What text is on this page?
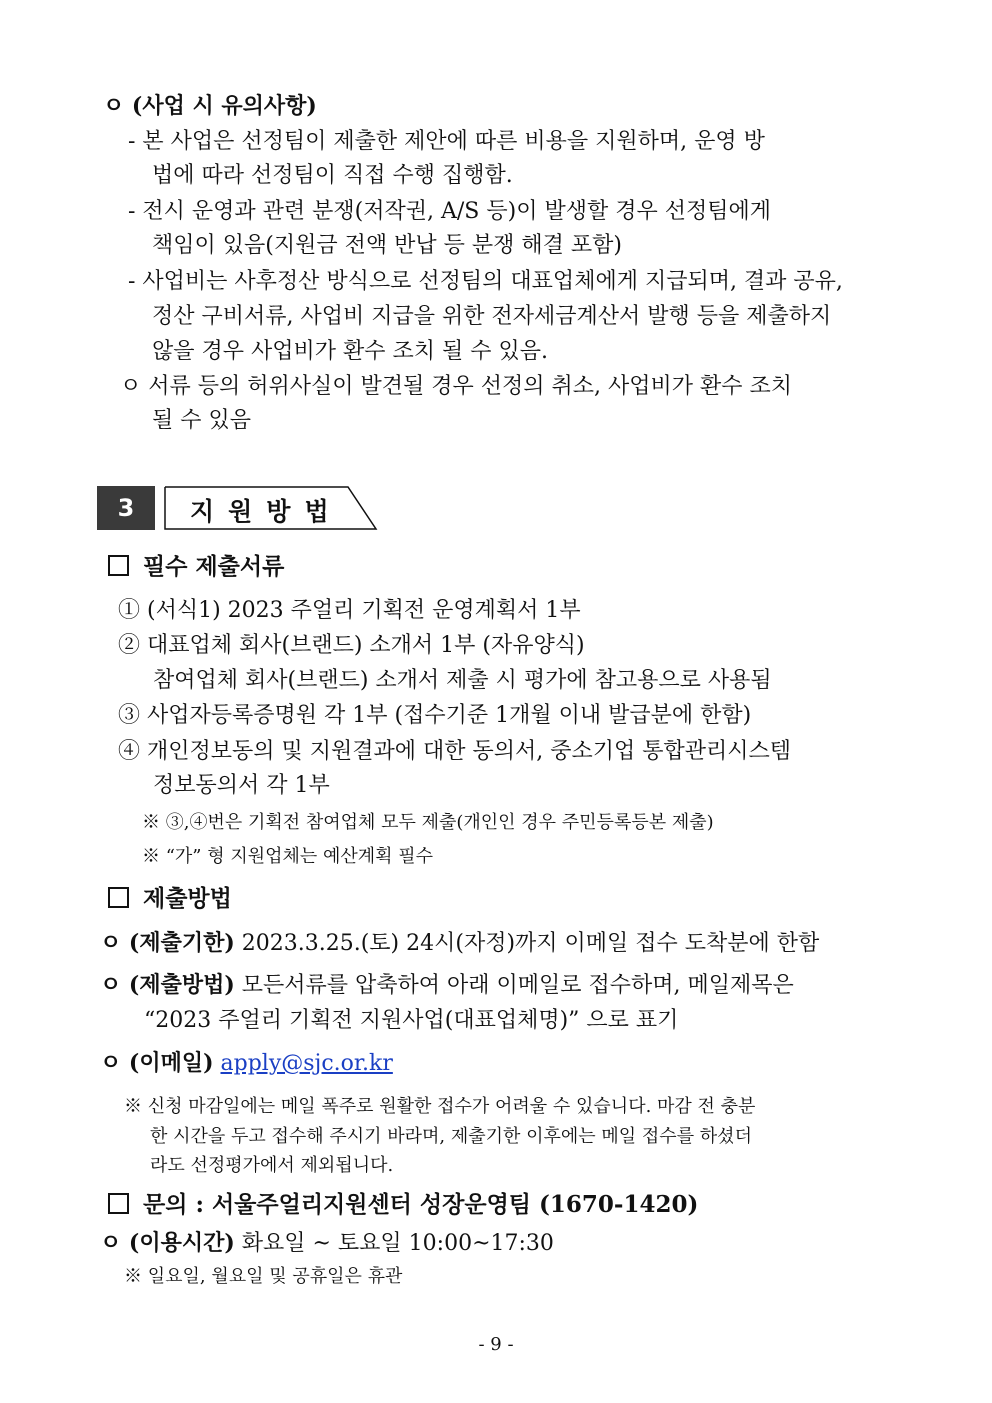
ㅇ (사업 시 유의사항)
- 본 사업은 선정팀이 제출한 제안에 따른 비용을 지원하며, 운영 방
법에 따라 선정팀이 직접 수행 집행함.
- 전시 운영과 관련 분쟁(저작권, A/S 등)이 발생할 경우 선정팀에게
책임이 있음(지원금 전액 반납 등 분쟁 해결 포함)
- 사업비는 사후정산 방식으로 선정팀의 대표업체에게 지급되며, 결과 공유,
정산 구비서류, 사업비 지급을 위한 전자세금계산서 발행 등을 제출하지
않을 경우 사업비가 환수 조치 될 수 있음.
ㅇ 서류 등의 허위사실이 발견될 경우 선정의 취소, 사업비가 환수 조치
될 수 있음
3	지원방법
필수 제출서류
① (서식1) 2023 주얼리 기획전 운영계획서 1부
② 대표업체 회사(브랜드) 소개서 1부 (자유양식)
참여업체 회사(브랜드) 소개서 제출 시 평가에 참고용으로 사용됨
③ 사업자등록증명원 각 1부 (접수기준 1개월 이내 발급분에 한함)
④ 개인정보동의 및 지원결과에 대한 동의서, 중소기업 통합관리시스템
정보동의서 각 1부
※ ③,④번은 기획전 참여업체 모두 제출(개인인 경우 주민등록등본 제출)
※ “가” 형 지원업체는 예산계획 필수
제출방법
ㅇ (제출기한) 2023.3.25.(토) 24시(자정)까지 이메일 접수 도착분에 한함
ㅇ (제출방법) 모든서류를 압축하여 아래 이메일로 접수하며, 메일제목은
“2023 주얼리 기획전 지원사업(대표업체명)” 으로 표기
ㅇ (이메일) apply@sjc.or.kr
※ 신청 마감일에는 메일 폭주로 원활한 접수가 어려울 수 있습니다. 마감 전 충분
한 시간을 두고 접수해 주시기 바라며, 제출기한 이후에는 메일 접수를 하셨더
라도 선정평가에서 제외됩니다.
문의 : 서울주얼리지원센터 성장운영팀 (1670-1420)
ㅇ (이용시간) 화요일 ~ 토요일 10:00~17:30
※ 일요일, 월요일 및 공휴일은 휴관
- 9 -
